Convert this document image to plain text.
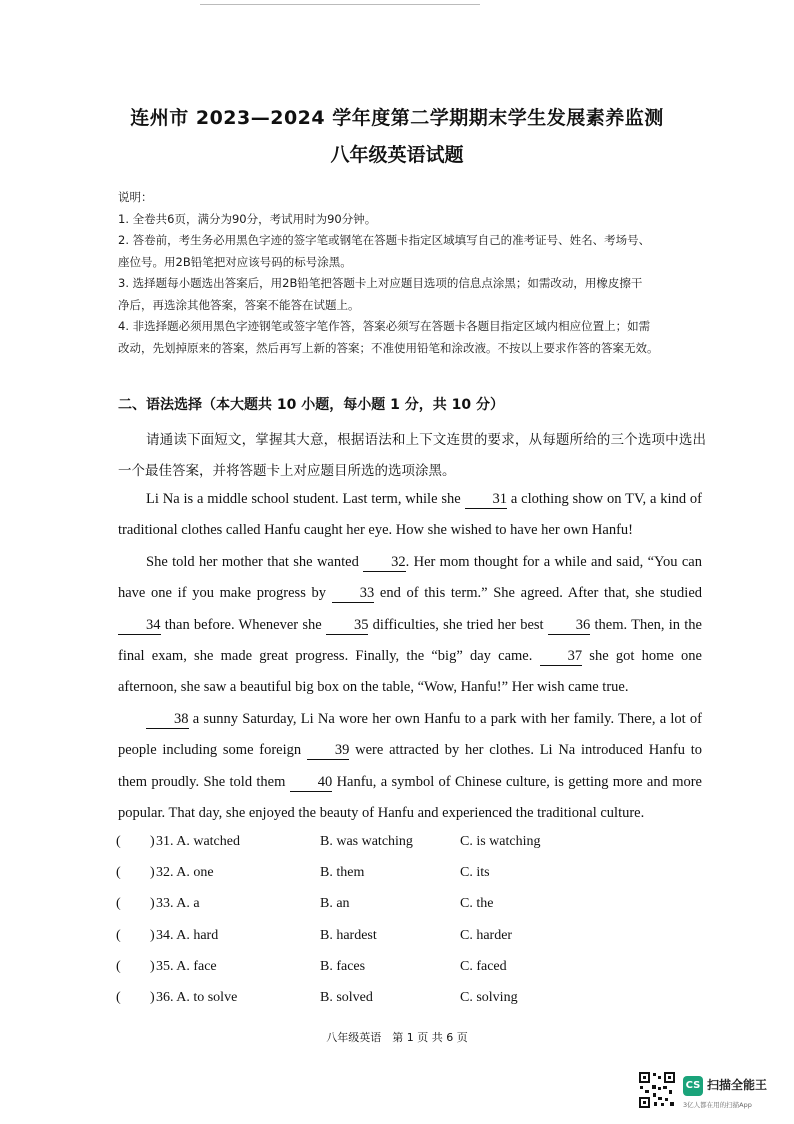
连州市 2023—2024 学年度第二学期期末学生发展素养监测
八年级英语试题
说明：
1. 全卷共6页，满分为90分，考试用时为90分钟。
2. 答卷前，考生务必用黑色字迹的签字笔或钢笔在答题卡指定区域填写自己的准考证号、姓名、考场号、
座位号。用2B铅笔把对应该号码的标号涂黑。
3. 选择题每小题选出答案后，用2B铅笔把答题卡上对应题目选项的信息点涂黑；如需改动，用橡皮擦干
净后，再选涂其他答案，答案不能答在试题上。
4. 非选择题必须用黑色字迹钢笔或签字笔作答，答案必须写在答题卡各题目指定区域内相应位置上；如需
改动，先划掉原来的答案，然后再写上新的答案；不准使用铅笔和涂改液。不按以上要求作答的答案无效。
二、语法选择（本大题共 10 小题，每小题 1 分，共 10 分）
请通读下面短文，掌握其大意，根据语法和上下文连贯的要求，从每题所给的三个选项中选出一个最佳答案，并将答题卡上对应题目所选的选项涂黑。

Li Na is a middle school student. Last term, while she 31 a clothing show on TV, a kind of traditional clothes called Hanfu caught her eye. How she wished to have her own Hanfu!

She told her mother that she wanted 32. Her mom thought for a while and said, “You can have one if you make progress by 33 end of this term.” She agreed. After that, she studied 34 than before. Whenever she 35 difficulties, she tried her best 36 them. Then, in the final exam, she made great progress. Finally, the “big” day came. 37 she got home one afternoon, she saw a beautiful big box on the table, “Wow, Hanfu!” Her wish came true.

38 a sunny Saturday, Li Na wore her own Hanfu to a park with her family. There, a lot of people including some foreign 39 were attracted by her clothes. Li Na introduced Hanfu to them proudly. She told them 40 Hanfu, a symbol of Chinese culture, is getting more and more popular. That day, she enjoyed the beauty of Hanfu and experienced the traditional culture.

( ) 31. A. watched	B. was watching	C. is watching
( ) 32. A. one	B. them	C. its
( ) 33. A. a	B. an	C. the
( ) 34. A. hard	B. hardest	C. harder
( ) 35. A. face	B. faces	C. faced
( ) 36. A. to solve	B. solved	C. solving
八年级英语　第 1 页 共 6 页
CS 扫描全能王
3亿人都在用的扫描App
